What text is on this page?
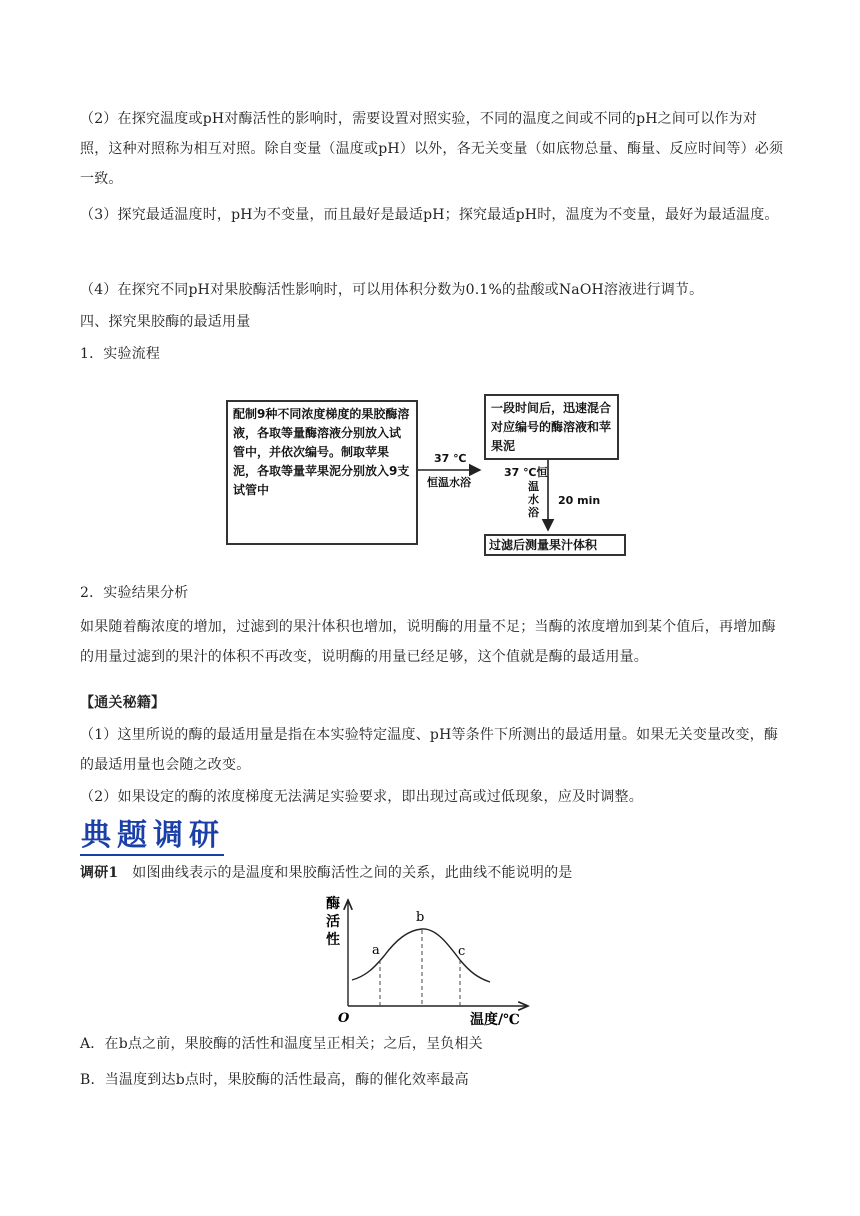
（2）在探究温度或pH对酶活性的影响时，需要设置对照实验，不同的温度之间或不同的pH之间可以作为对照，这种对照称为相互对照。除自变量（温度或pH）以外，各无关变量（如底物总量、酶量、反应时间等）必须一致。

（3）探究最适温度时，pH为不变量，而且最好是最适pH；探究最适pH时，温度为不变量，最好为最适温度。

（4）在探究不同pH对果胶酶活性影响时，可以用体积分数为0.1%的盐酸或NaOH溶液进行调节。

四、探究果胶酶的最适用量

1．实验流程

配制9种不同浓度梯度的果胶酶溶液，各取等量酶溶液分别放入试管中，并依次编号。制取苹果泥，各取等量苹果泥分别放入9支试管中
37 ℃
恒温水浴
一段时间后，迅速混合对应编号的酶溶液和苹果泥
37 ℃恒
温水浴
20 min
过滤后测量果汁体积

2．实验结果分析

如果随着酶浓度的增加，过滤到的果汁体积也增加，说明酶的用量不足；当酶的浓度增加到某个值后，再增加酶的用量过滤到的果汁的体积不再改变，说明酶的用量已经足够，这个值就是酶的最适用量。

【通关秘籍】

（1）这里所说的酶的最适用量是指在本实验特定温度、pH等条件下所测出的最适用量。如果无关变量改变，酶的最适用量也会随之改变。

（2）如果设定的酶的浓度梯度无法满足实验要求，即出现过高或过低现象，应及时调整。

典题调研

调研1 如图曲线表示的是温度和果胶酶活性之间的关系，此曲线不能说明的是

酶
活
性
a
b
c
O	温度/℃

A．在b点之前，果胶酶的活性和温度呈正相关；之后，呈负相关

B．当温度到达b点时，果胶酶的活性最高，酶的催化效率最高
